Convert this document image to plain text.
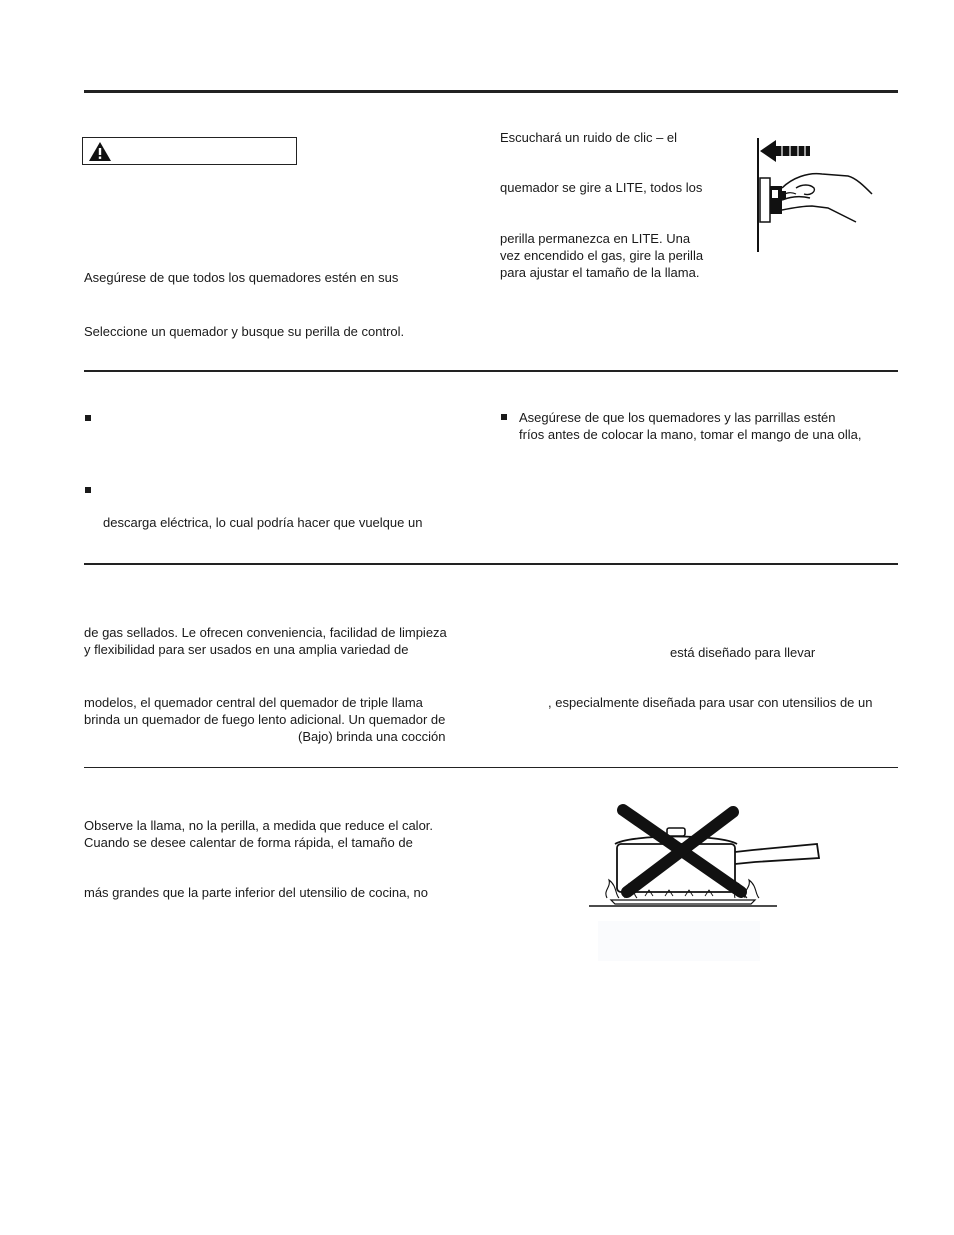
Asegúrese de que todos los quemadores estén en sus
Seleccione un quemador y busque su perilla de control.
Escuchará un ruido de clic – el
quemador se gire a LITE, todos los
perilla permanezca en LITE. Una
vez encendido el gas, gire la perilla
para ajustar el tamaño de la llama.
descarga eléctrica, lo cual podría hacer que vuelque un
Asegúrese de que los quemadores y las parrillas estén
fríos antes de colocar la mano, tomar el mango de una olla,
de gas sellados. Le ofrecen conveniencia, facilidad de limpieza
y flexibilidad para ser usados en una amplia variedad de
modelos, el quemador central del quemador de triple llama
brinda un quemador de fuego lento adicional. Un quemador de
(Bajo) brinda una cocción
está diseñado para llevar
, especialmente diseñada para usar con utensilios de un
Observe la llama, no la perilla, a medida que reduce el calor.
Cuando se desee calentar de forma rápida, el tamaño de
más grandes que la parte inferior del utensilio de cocina, no
